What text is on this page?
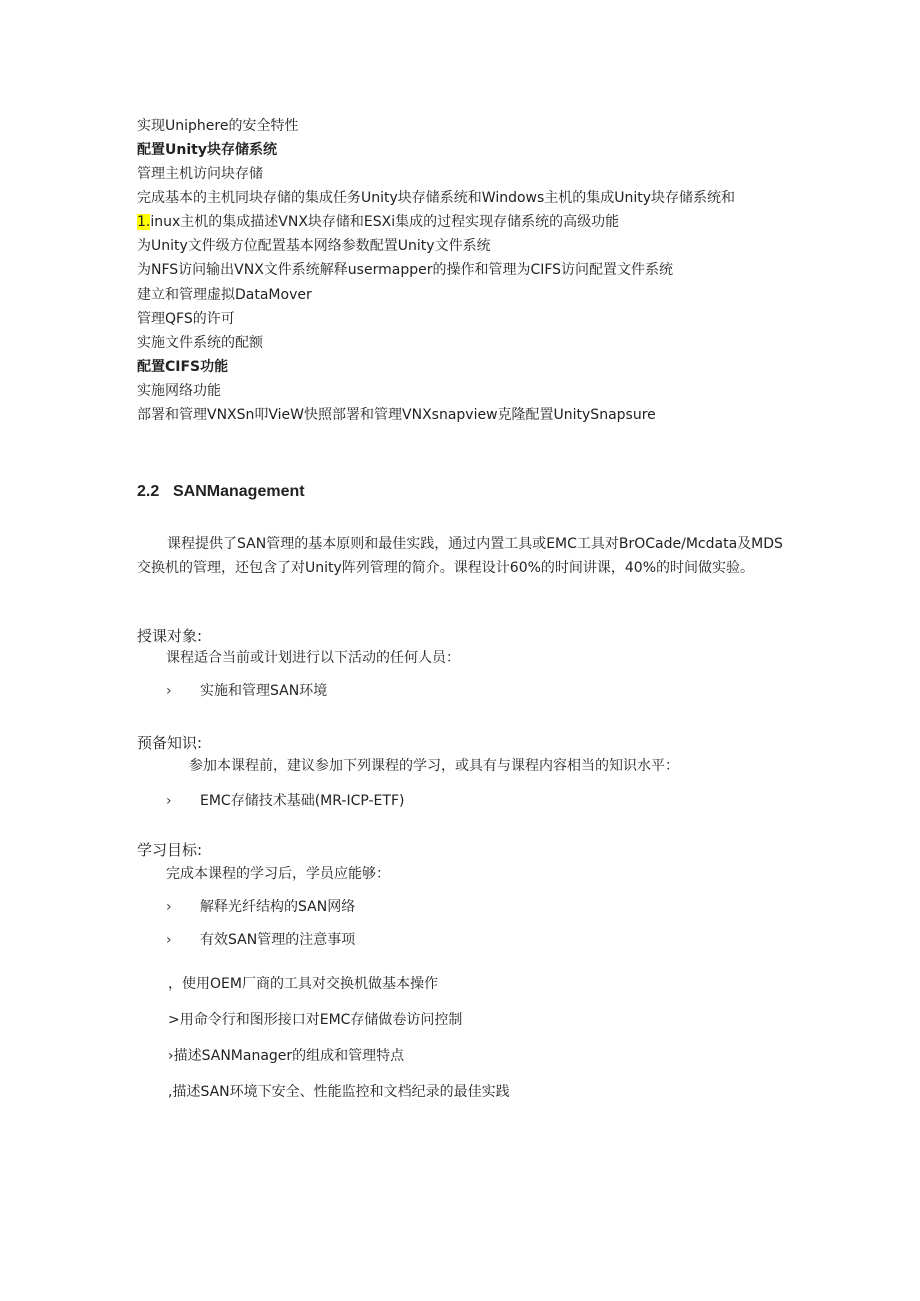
实现Uniphere的安全特性
配置Unity块存储系统
管理主机访问块存储
完成基本的主机同块存储的集成任务Unity块存储系统和Windows主机的集成Unity块存储系统和
1.inux主机的集成描述VNX块存储和ESXi集成的过程实现存储系统的高级功能
为Unity文件级方位配置基本网络参数配置Unity文件系统
为NFS访问输出VNX文件系统解释usermapper的操作和管理为CIFS访问配置文件系统
建立和管理虚拟DataMover
管理QFS的许可
实施文件系统的配额
配置CIFS功能
实施网络功能
部署和管理VNXSn叩VieW快照部署和管理VNXsnapview克隆配置UnitySnapsure
2.2 SANManagement
课程提供了SAN管理的基本原则和最佳实践，通过内置工具或EMC工具对BrOCade/Mcdata及MDS交换机的管理，还包含了对Unity阵列管理的简介。课程设计60%的时间讲课，40%的时间做实验。
授课对象:
课程适合当前或计划进行以下活动的任何人员：
› 实施和管理SAN环境
预备知识:
参加本课程前，建议参加下列课程的学习，或具有与课程内容相当的知识水平：
› EMC存储技术基础(MR-ICP-ETF)
学习目标:
完成本课程的学习后，学员应能够：
› 解释光纤结构的SAN网络
› 有效SAN管理的注意事项
，使用OEM厂商的工具对交换机做基本操作
>用命令行和图形接口对EMC存储做卷访问控制
›描述SANManager的组成和管理特点
,描述SAN环境下安全、性能监控和文档纪录的最佳实践
